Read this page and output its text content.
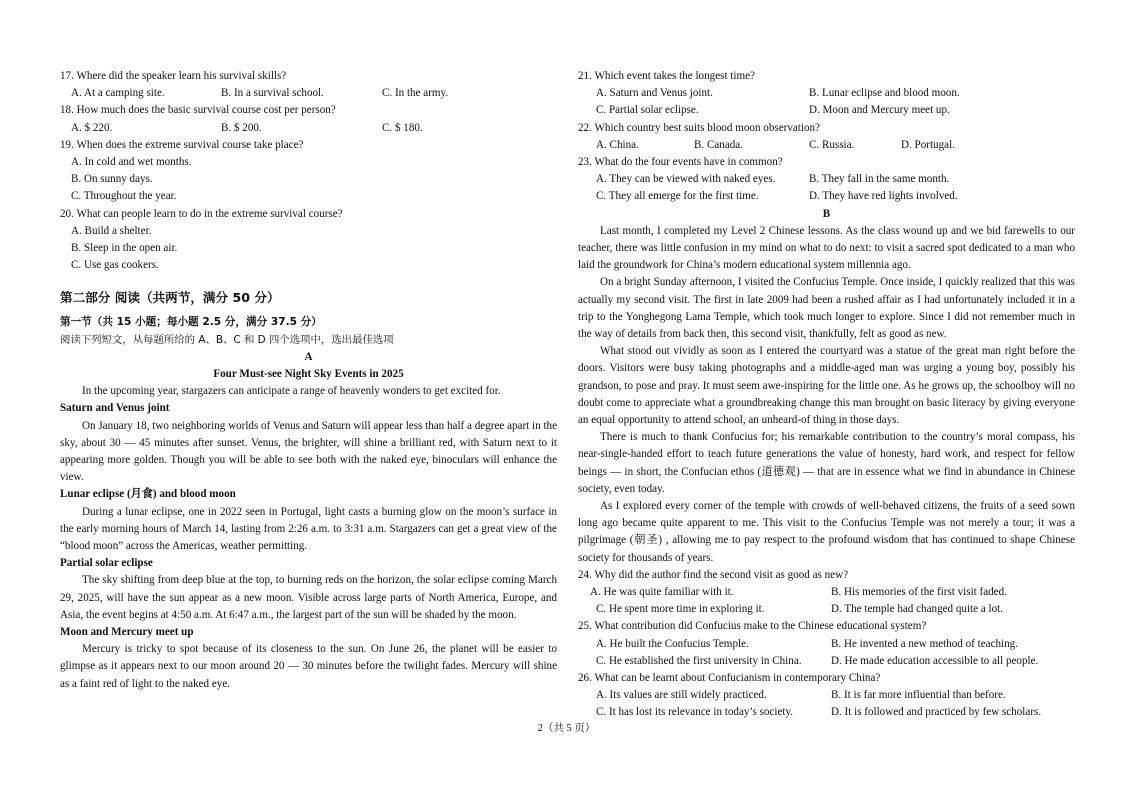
17. Where did the speaker learn his survival skills?
A. At a camping site.	B. In a survival school.	C. In the army.
18. How much does the basic survival course cost per person?
A. $ 220.	B. $ 200.	C. $ 180.
19. When does the extreme survival course take place?
A. In cold and wet months.
B. On sunny days.
C. Throughout the year.
20. What can people learn to do in the extreme survival course?
A. Build a shelter.
B. Sleep in the open air.
C. Use gas cookers.
第二部分 阅读（共两节，满分 50 分）
第一节（共 15 小题；每小题 2.5 分，满分 37.5 分）
阅读下列短文，从每题所给的 A、B、C 和 D 四个选项中，选出最佳选项
A
Four Must-see Night Sky Events in 2025
In the upcoming year, stargazers can anticipate a range of heavenly wonders to get excited for.
Saturn and Venus joint
On January 18, two neighboring worlds of Venus and Saturn will appear less than half a degree apart in the sky, about 30 — 45 minutes after sunset. Venus, the brighter, will shine a brilliant red, with Saturn next to it appearing more golden. Though you will be able to see both with the naked eye, binoculars will enhance the view.
Lunar eclipse (月食) and blood moon
During a lunar eclipse, one in 2022 seen in Portugal, light casts a burning glow on the moon’s surface in the early morning hours of March 14, lasting from 2:26 a.m. to 3:31 a.m. Stargazers can get a great view of the “blood moon” across the Americas, weather permitting.
Partial solar eclipse
The sky shifting from deep blue at the top, to burning reds on the horizon, the solar eclipse coming March 29, 2025, will have the sun appear as a new moon. Visible across large parts of North America, Europe, and Asia, the event begins at 4:50 a.m. At 6:47 a.m., the largest part of the sun will be shaded by the moon.
Moon and Mercury meet up
Mercury is tricky to spot because of its closeness to the sun. On June 26, the planet will be easier to glimpse as it appears next to our moon around 20 — 30 minutes before the twilight fades. Mercury will shine as a faint red of light to the naked eye.
21. Which event takes the longest time?
A. Saturn and Venus joint.	B. Lunar eclipse and blood moon.
C. Partial solar eclipse.	D. Moon and Mercury meet up.
22. Which country best suits blood moon observation?
A. China.	B. Canada.	C. Russia.	D. Portugal.
23. What do the four events have in common?
A. They can be viewed with naked eyes.	B. They fall in the same month.
C. They all emerge for the first time.	D. They have red lights involved.
B
Last month, I completed my Level 2 Chinese lessons. As the class wound up and we bid farewells to our teacher, there was little confusion in my mind on what to do next: to visit a sacred spot dedicated to a man who laid the groundwork for China’s modern educational system millennia ago.
On a bright Sunday afternoon, I visited the Confucius Temple. Once inside, I quickly realized that this was actually my second visit. The first in late 2009 had been a rushed affair as I had unfortunately included it in a trip to the Yonghegong Lama Temple, which took much longer to explore. Since I did not remember much in the way of details from back then, this second visit, thankfully, felt as good as new.
What stood out vividly as soon as I entered the courtyard was a statue of the great man right before the doors. Visitors were busy taking photographs and a middle-aged man was urging a young boy, possibly his grandson, to pose and pray. It must seem awe-inspiring for the little one. As he grows up, the schoolboy will no doubt come to appreciate what a groundbreaking change this man brought on basic literacy by giving everyone an equal opportunity to attend school, an unheard-of thing in those days.
There is much to thank Confucius for; his remarkable contribution to the country’s moral compass, his near-single-handed effort to teach future generations the value of honesty, hard work, and respect for fellow beings — in short, the Confucian ethos (道德观) — that are in essence what we find in abundance in Chinese society, even today.
As I explored every corner of the temple with crowds of well-behaved citizens, the fruits of a seed sown long ago became quite apparent to me. This visit to the Confucius Temple was not merely a tour; it was a pilgrimage (朝圣) , allowing me to pay respect to the profound wisdom that has continued to shape Chinese society for thousands of years.
24. Why did the author find the second visit as good as new?
A. He was quite familiar with it.	B. His memories of the first visit faded.
C. He spent more time in exploring it.	D. The temple had changed quite a lot.
25. What contribution did Confucius make to the Chinese educational system?
A. He built the Confucius Temple.	B. He invented a new method of teaching.
C. He established the first university in China.	D. He made education accessible to all people.
26. What can be learnt about Confucianism in contemporary China?
A. Its values are still widely practiced.	B. It is far more influential than before.
C. It has lost its relevance in today’s society.	D. It is followed and practiced by few scholars.
2（共 5 页）
